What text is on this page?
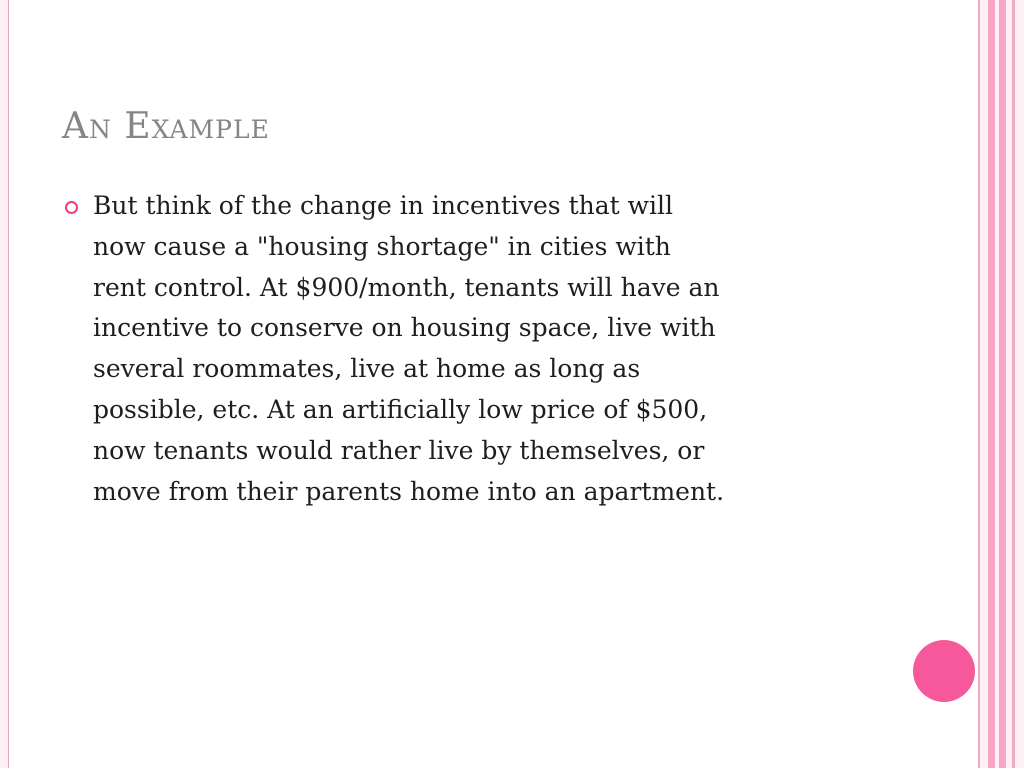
An Example
But think of the change in incentives that will
now cause a "housing shortage" in cities with
rent control. At $900/month, tenants will have an
incentive to conserve on housing space, live with
several roommates, live at home as long as
possible, etc. At an artificially low price of $500,
now tenants would rather live by themselves, or
move from their parents home into an apartment.
